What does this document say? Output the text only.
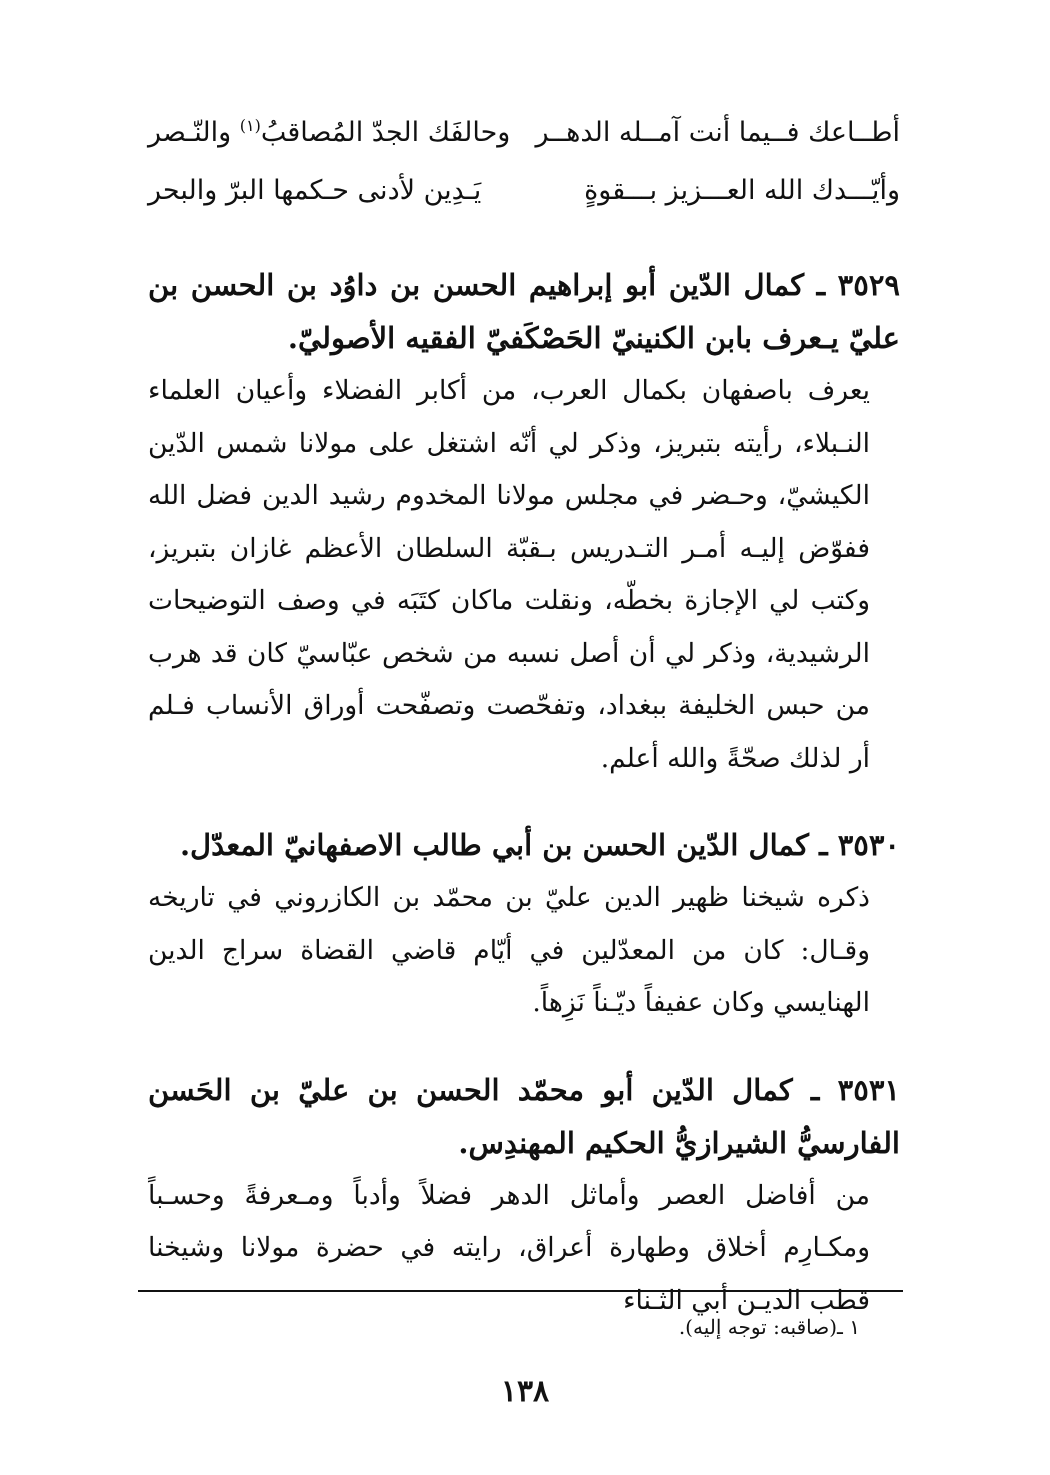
أطــاعك فــيما أنت آمــله الدهــر
وحالفَك الجدّ المُصاقبُ$^{(١)}$ والنّـصر
وأيّـــدك الله العـــزيز بـــقوةٍ
يَـدِين لأدنى حـكمها البرّ والبحر
٣٥٢٩ ـ كمال الدّين أبو إبراهيم الحسن بن داوُد بن الحسن بن عليّ يـعرف بابن الكنينيّ الحَصْكَفيّ الفقيه الأصوليّ.

يعرف باصفهان بكمال العرب، من أكابر الفضلاء وأعيان العلماء النـبلاء، رأيته بتبريز، وذكر لي أنّه اشتغل على مولانا شمس الدّين الكيشيّ، وحـضر في مجلس مولانا المخدوم رشيد الدين فضل الله ففوّض إليـه أمـر التـدريس بـقبّة السلطان الأعظم غازان بتبريز، وكتب لي الإجازة بخطّه، ونقلت ماكان كتَبَه في وصف التوضيحات الرشيدية، وذكر لي أن أصل نسبه من شخص عبّاسيّ كان قد هرب من حبس الخليفة ببغداد، وتفحّصت وتصفّحت أوراق الأنساب فـلم أر لذلك صحّةً والله أعلم.

٣٥٣٠ ـ كمال الدّين الحسن بن أبي طالب الاصفهانيّ المعدّل.

ذكره شيخنا ظهير الدين عليّ بن محمّد بن الكازروني في تاريخه وقـال: كان من المعدّلين في أيّام قاضي القضاة سراج الدين الهنايسي وكان عفيفاً ديّـناً نَزِهاً.

٣٥٣١ ـ كمال الدّين أبو محمّد الحسن بن عليّ بن الحَسن الفارسيُّ الشيرازيُّ الحكيم المهندِس.

من أفاضل العصر وأماثل الدهر فضلاً وأدباً ومـعرفةً وحسـباً ومكـارِم أخلاق وطهارة أعراق، رايته في حضرة مولانا وشيخنا قطب الديـن أبي الثـناء

١ ـ(صاقبه: توجه إليه).
١٣٨
